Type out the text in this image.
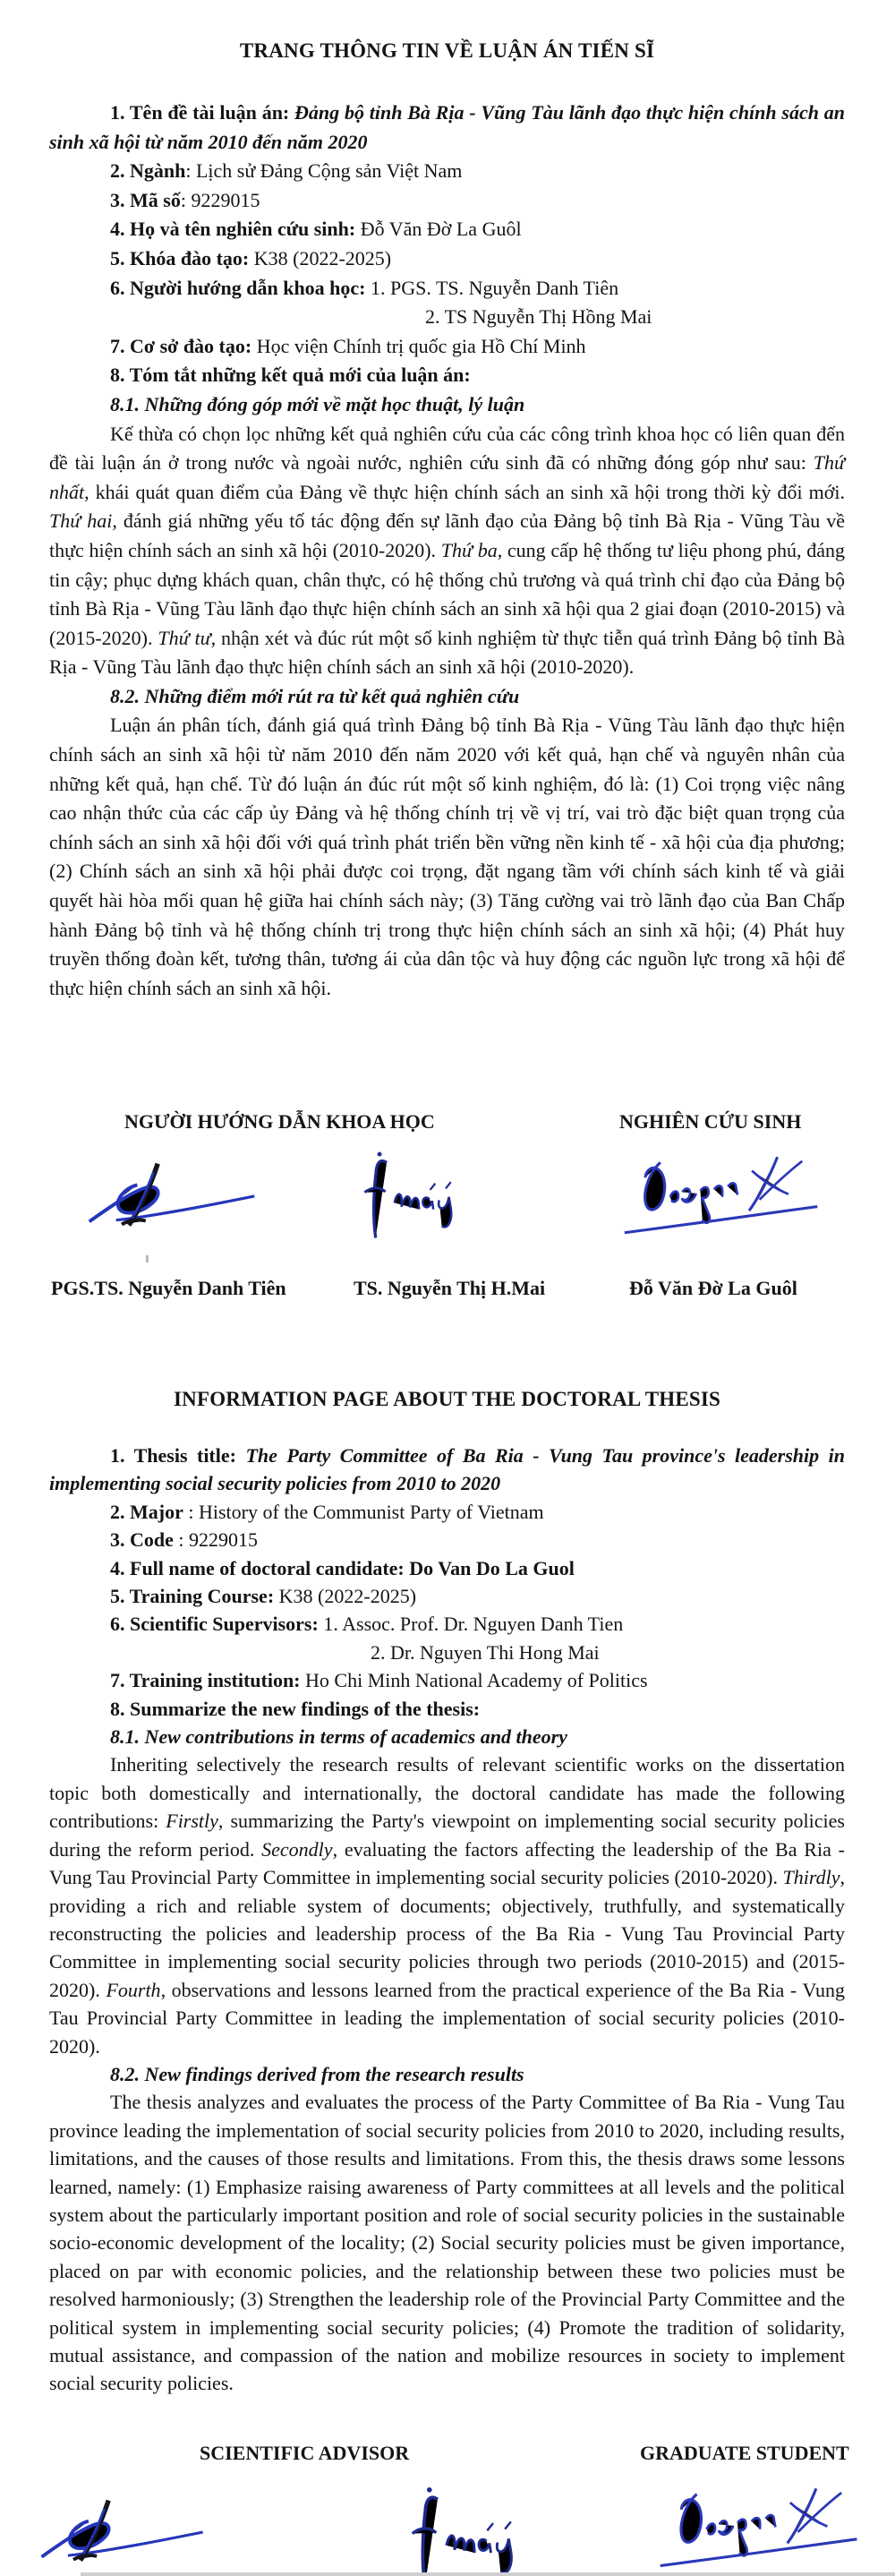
TRANG THÔNG TIN VỀ LUẬN ÁN TIẾN SĨ

1. Tên đề tài luận án: Đảng bộ tỉnh Bà Rịa - Vũng Tàu lãnh đạo thực hiện chính sách an sinh xã hội từ năm 2010 đến năm 2020

2. Ngành: Lịch sử Đảng Cộng sản Việt Nam

3. Mã số: 9229015

4. Họ và tên nghiên cứu sinh: Đỗ Văn Đờ La Guôl

5. Khóa đào tạo: K38 (2022-2025)

6. Người hướng dẫn khoa học: 1. PGS. TS. Nguyễn Danh Tiên

2. TS Nguyễn Thị Hồng Mai

7. Cơ sở đào tạo: Học viện Chính trị quốc gia Hồ Chí Minh

8. Tóm tắt những kết quả mới của luận án:

8.1. Những đóng góp mới về mặt học thuật, lý luận

Kế thừa có chọn lọc những kết quả nghiên cứu của các công trình khoa học có liên quan đến đề tài luận án ở trong nước và ngoài nước, nghiên cứu sinh đã có những đóng góp như sau: Thứ nhất, khái quát quan điểm của Đảng về thực hiện chính sách an sinh xã hội trong thời kỳ đổi mới. Thứ hai, đánh giá những yếu tố tác động đến sự lãnh đạo của Đảng bộ tỉnh Bà Rịa - Vũng Tàu về thực hiện chính sách an sinh xã hội (2010-2020). Thứ ba, cung cấp hệ thống tư liệu phong phú, đáng tin cậy; phục dựng khách quan, chân thực, có hệ thống chủ trương và quá trình chỉ đạo của Đảng bộ tỉnh Bà Rịa - Vũng Tàu lãnh đạo thực hiện chính sách an sinh xã hội qua 2 giai đoạn (2010-2015) và (2015-2020). Thứ tư, nhận xét và đúc rút một số kinh nghiệm từ thực tiễn quá trình Đảng bộ tỉnh Bà Rịa - Vũng Tàu lãnh đạo thực hiện chính sách an sinh xã hội (2010-2020).

8.2. Những điểm mới rút ra từ kết quả nghiên cứu

Luận án phân tích, đánh giá quá trình Đảng bộ tỉnh Bà Rịa - Vũng Tàu lãnh đạo thực hiện chính sách an sinh xã hội từ năm 2010 đến năm 2020 với kết quả, hạn chế và nguyên nhân của những kết quả, hạn chế. Từ đó luận án đúc rút một số kinh nghiệm, đó là: (1) Coi trọng việc nâng cao nhận thức của các cấp ủy Đảng và hệ thống chính trị về vị trí, vai trò đặc biệt quan trọng của chính sách an sinh xã hội đối với quá trình phát triển bền vững nền kinh tế - xã hội của địa phương; (2) Chính sách an sinh xã hội phải được coi trọng, đặt ngang tầm với chính sách kinh tế và giải quyết hài hòa mối quan hệ giữa hai chính sách này; (3) Tăng cường vai trò lãnh đạo của Ban Chấp hành Đảng bộ tỉnh và hệ thống chính trị trong thực hiện chính sách an sinh xã hội; (4) Phát huy truyền thống đoàn kết, tương thân, tương ái của dân tộc và huy động các nguồn lực trong xã hội để thực hiện chính sách an sinh xã hội.

NGƯỜI HƯỚNG DẪN KHOA HỌC	NGHIÊN CỨU SINH
PGS.TS. Nguyễn Danh Tiên	TS. Nguyễn Thị H.Mai	Đỗ Văn Đờ La Guôl
INFORMATION PAGE ABOUT THE DOCTORAL THESIS

1. Thesis title: The Party Committee of Ba Ria - Vung Tau province's leadership in implementing social security policies from 2010 to 2020

2. Major : History of the Communist Party of Vietnam

3. Code : 9229015

4. Full name of doctoral candidate: Do Van Do La Guol

5. Training Course: K38 (2022-2025)

6. Scientific Supervisors: 1. Assoc. Prof. Dr. Nguyen Danh Tien

2. Dr. Nguyen Thi Hong Mai

7. Training institution: Ho Chi Minh National Academy of Politics

8. Summarize the new findings of the thesis:

8.1. New contributions in terms of academics and theory

Inheriting selectively the research results of relevant scientific works on the dissertation topic both domestically and internationally, the doctoral candidate has made the following contributions: Firstly, summarizing the Party's viewpoint on implementing social security policies during the reform period. Secondly, evaluating the factors affecting the leadership of the Ba Ria - Vung Tau Provincial Party Committee in implementing social security policies (2010-2020). Thirdly, providing a rich and reliable system of documents; objectively, truthfully, and systematically reconstructing the policies and leadership process of the Ba Ria - Vung Tau Provincial Party Committee in implementing social security policies through two periods (2010-2015) and (2015-2020). Fourth, observations and lessons learned from the practical experience of the Ba Ria - Vung Tau Provincial Party Committee in leading the implementation of social security policies (2010-2020).

8.2. New findings derived from the research results

The thesis analyzes and evaluates the process of the Party Committee of Ba Ria - Vung Tau province leading the implementation of social security policies from 2010 to 2020, including results, limitations, and the causes of those results and limitations. From this, the thesis draws some lessons learned, namely: (1) Emphasize raising awareness of Party committees at all levels and the political system about the particularly important position and role of social security policies in the sustainable socio-economic development of the locality; (2) Social security policies must be given importance, placed on par with economic policies, and the relationship between these two policies must be resolved harmoniously; (3) Strengthen the leadership role of the Provincial Party Committee and the political system in implementing social security policies; (4) Promote the tradition of solidarity, mutual assistance, and compassion of the nation and mobilize resources in society to implement social security policies.

SCIENTIFIC ADVISOR	GRADUATE STUDENT
